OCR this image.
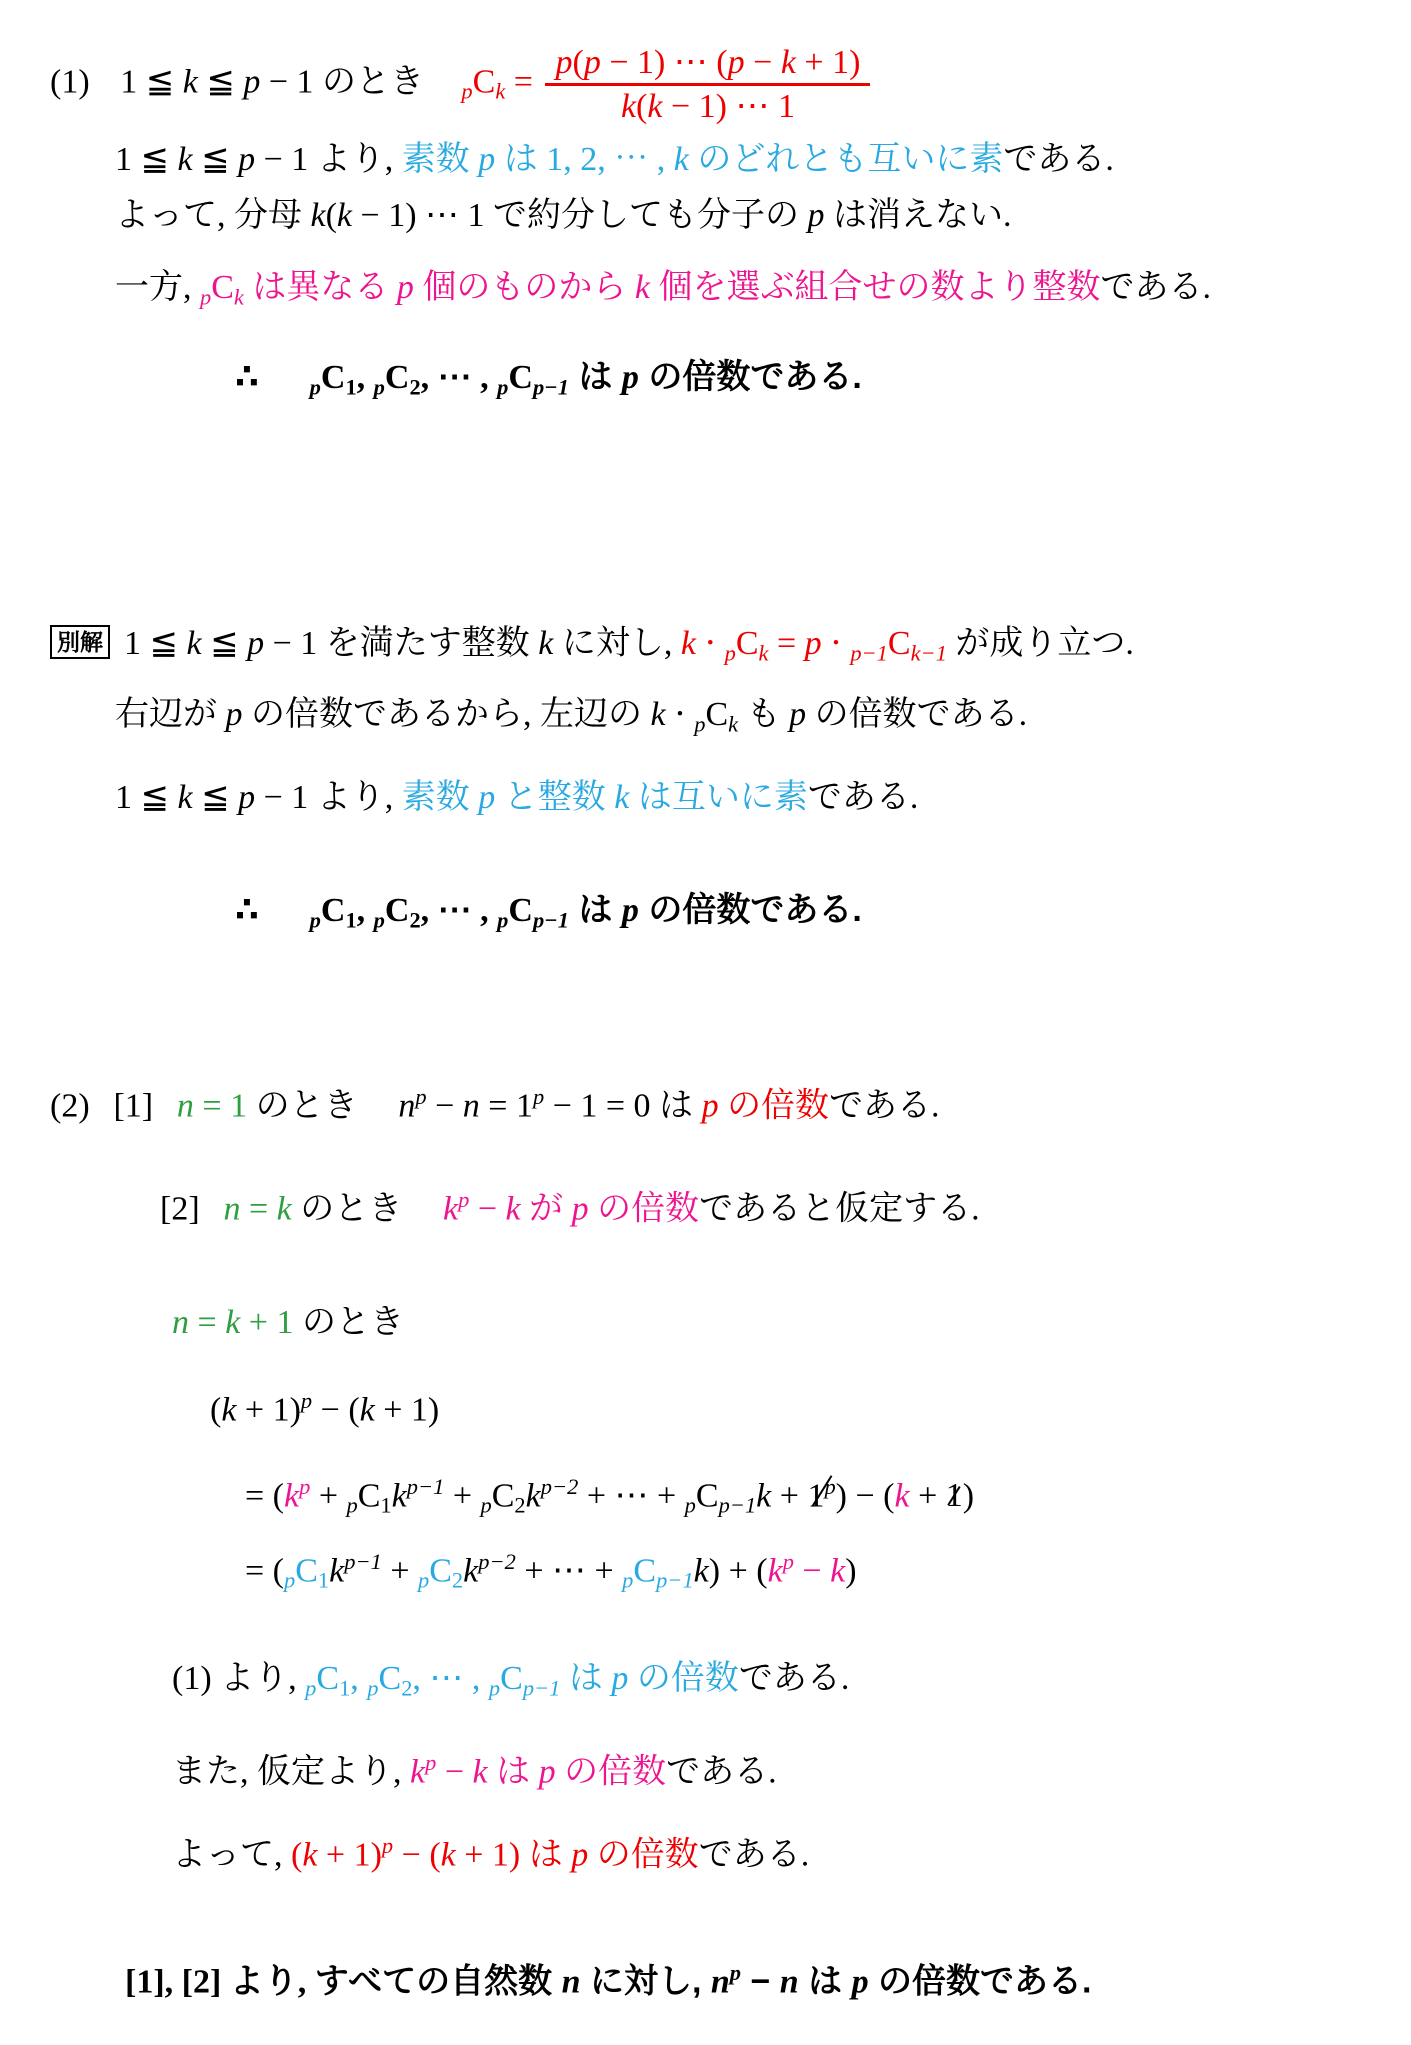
(1) 1 ≦ k ≦ p − 1 のとき pCk = $\frac{p(p - 1) \cdots (p - k + 1)}{k(k - 1) \cdots 1}$
1 ≦ k ≦ p − 1 より, 素数 p は 1, 2, ⋯ , k のどれとも互いに素である.
よって, 分母 k(k − 1) ⋯ 1 で約分しても分子の p は消えない.
一方, pCk は異なる p 個のものから k 個を選ぶ組合せの数より整数である.
∴ pC1, pC2, ⋯ , pCp−1 は p の倍数である.
別解 1 ≦ k ≦ p − 1 を満たす整数 k に対し, k ⋅ pCk = p ⋅ p−1Ck−1 が成り立つ.
右辺が p の倍数であるから, 左辺の k ⋅ pCk も p の倍数である.
1 ≦ k ≦ p − 1 より, 素数 p と整数 k は互いに素である.
∴ pC1, pC2, ⋯ , pCp−1 は p の倍数である.
(2) [1] n = 1 のとき $n^p - n = 1^p - 1 = 0$ は p の倍数である.
[2] n = k のとき $k^p - k$ が p の倍数であると仮定する.
n = k + 1 のとき
$(k + 1)^p - (k + 1)$
= ($k^p + pC1k^{p-1} + pC2k^{p-2}$ + ⋯ + $pCp-1k + 1^p) - (k + 1)$
= ($pC1k^{p-1} + pC2k^{p-2}$ + ⋯ + $pCp-1k) + (k^p - k)$
(1) より, pC1, pC2, ⋯ , pCp−1 は p の倍数である.
また, 仮定より, $k^p - k$ は p の倍数である.
よって, $(k + 1)^p - (k + 1)$ は p の倍数である.
[1], [2] より, すべての自然数 n に対し, $n^p - n$ は p の倍数である.
